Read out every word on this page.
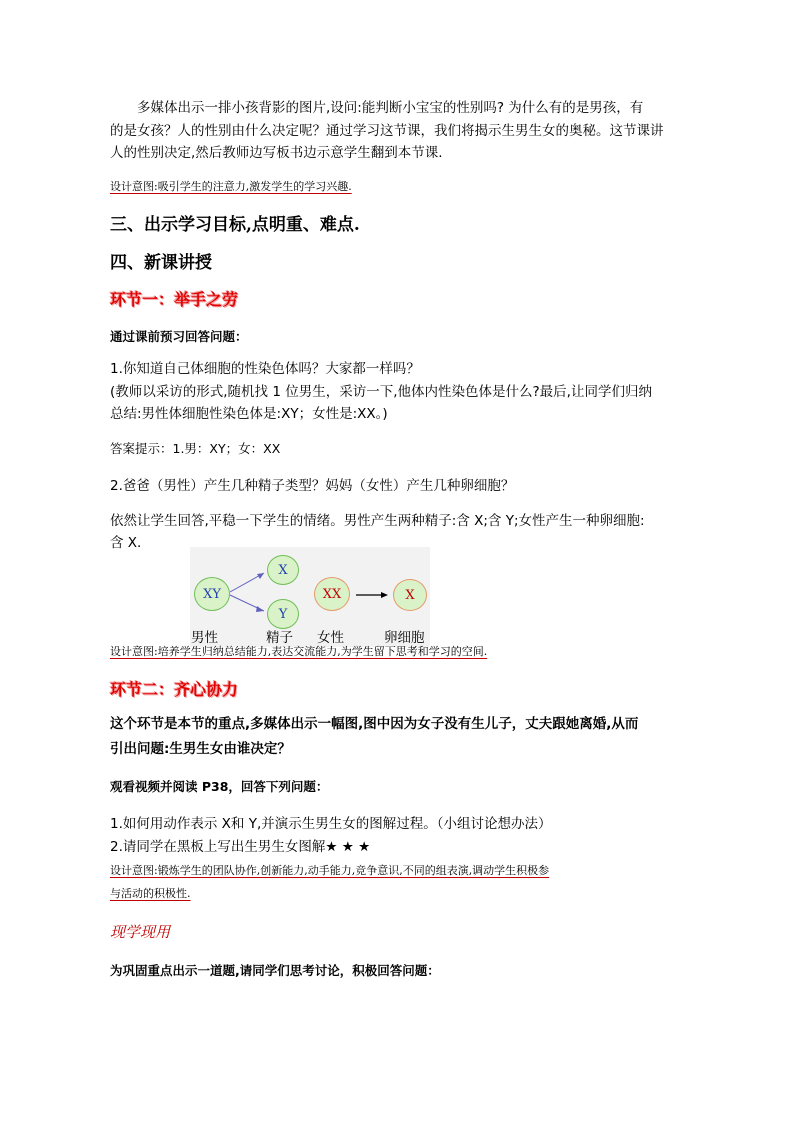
多媒体出示一排小孩背影的图片,设问:能判断小宝宝的性别吗? 为什么有的是男孩，有
的是女孩？人的性别由什么决定呢？通过学习这节课，我们将揭示生男生女的奥秘。这节课讲
人的性别决定,然后教师边写板书边示意学生翻到本节课.
设计意图:吸引学生的注意力,激发学生的学习兴趣.
三、出示学习目标,点明重、难点.
四、新课讲授
环节一：举手之劳
通过课前预习回答问题：
1.你知道自己体细胞的性染色体吗？大家都一样吗？
(教师以采访的形式,随机找 1 位男生，采访一下,他体内性染色体是什么?最后,让同学们归纳
总结:男性体细胞性染色体是:XY；女性是:XX。)
答案提示：1.男：XY；女：XX
2.爸爸（男性）产生几种精子类型？妈妈（女性）产生几种卵细胞？
依然让学生回答,平稳一下学生的情绪。男性产生两种精子:含 X;含 Y;女性产生一种卵细胞:
含 X.
XY
X
Y
XX	X
男性	精子 女性	卵细胞
设计意图:培养学生归纳总结能力,表达交流能力,为学生留下思考和学习的空间.
环节二：齐心协力
这个环节是本节的重点,多媒体出示一幅图,图中因为女子没有生儿子，丈夫跟她离婚,从而
引出问题:生男生女由谁决定？
观看视频并阅读 P38，回答下列问题：
1.如何用动作表示 X和 Y,并演示生男生女的图解过程。（小组讨论想办法）
2.请同学在黑板上写出生男生女图解★ ★ ★
设计意图:锻炼学生的团队协作,创新能力,动手能力,竞争意识,不同的组表演,调动学生积极参
与活动的积极性.
现学现用
为巩固重点出示一道题,请同学们思考讨论，积极回答问题：
